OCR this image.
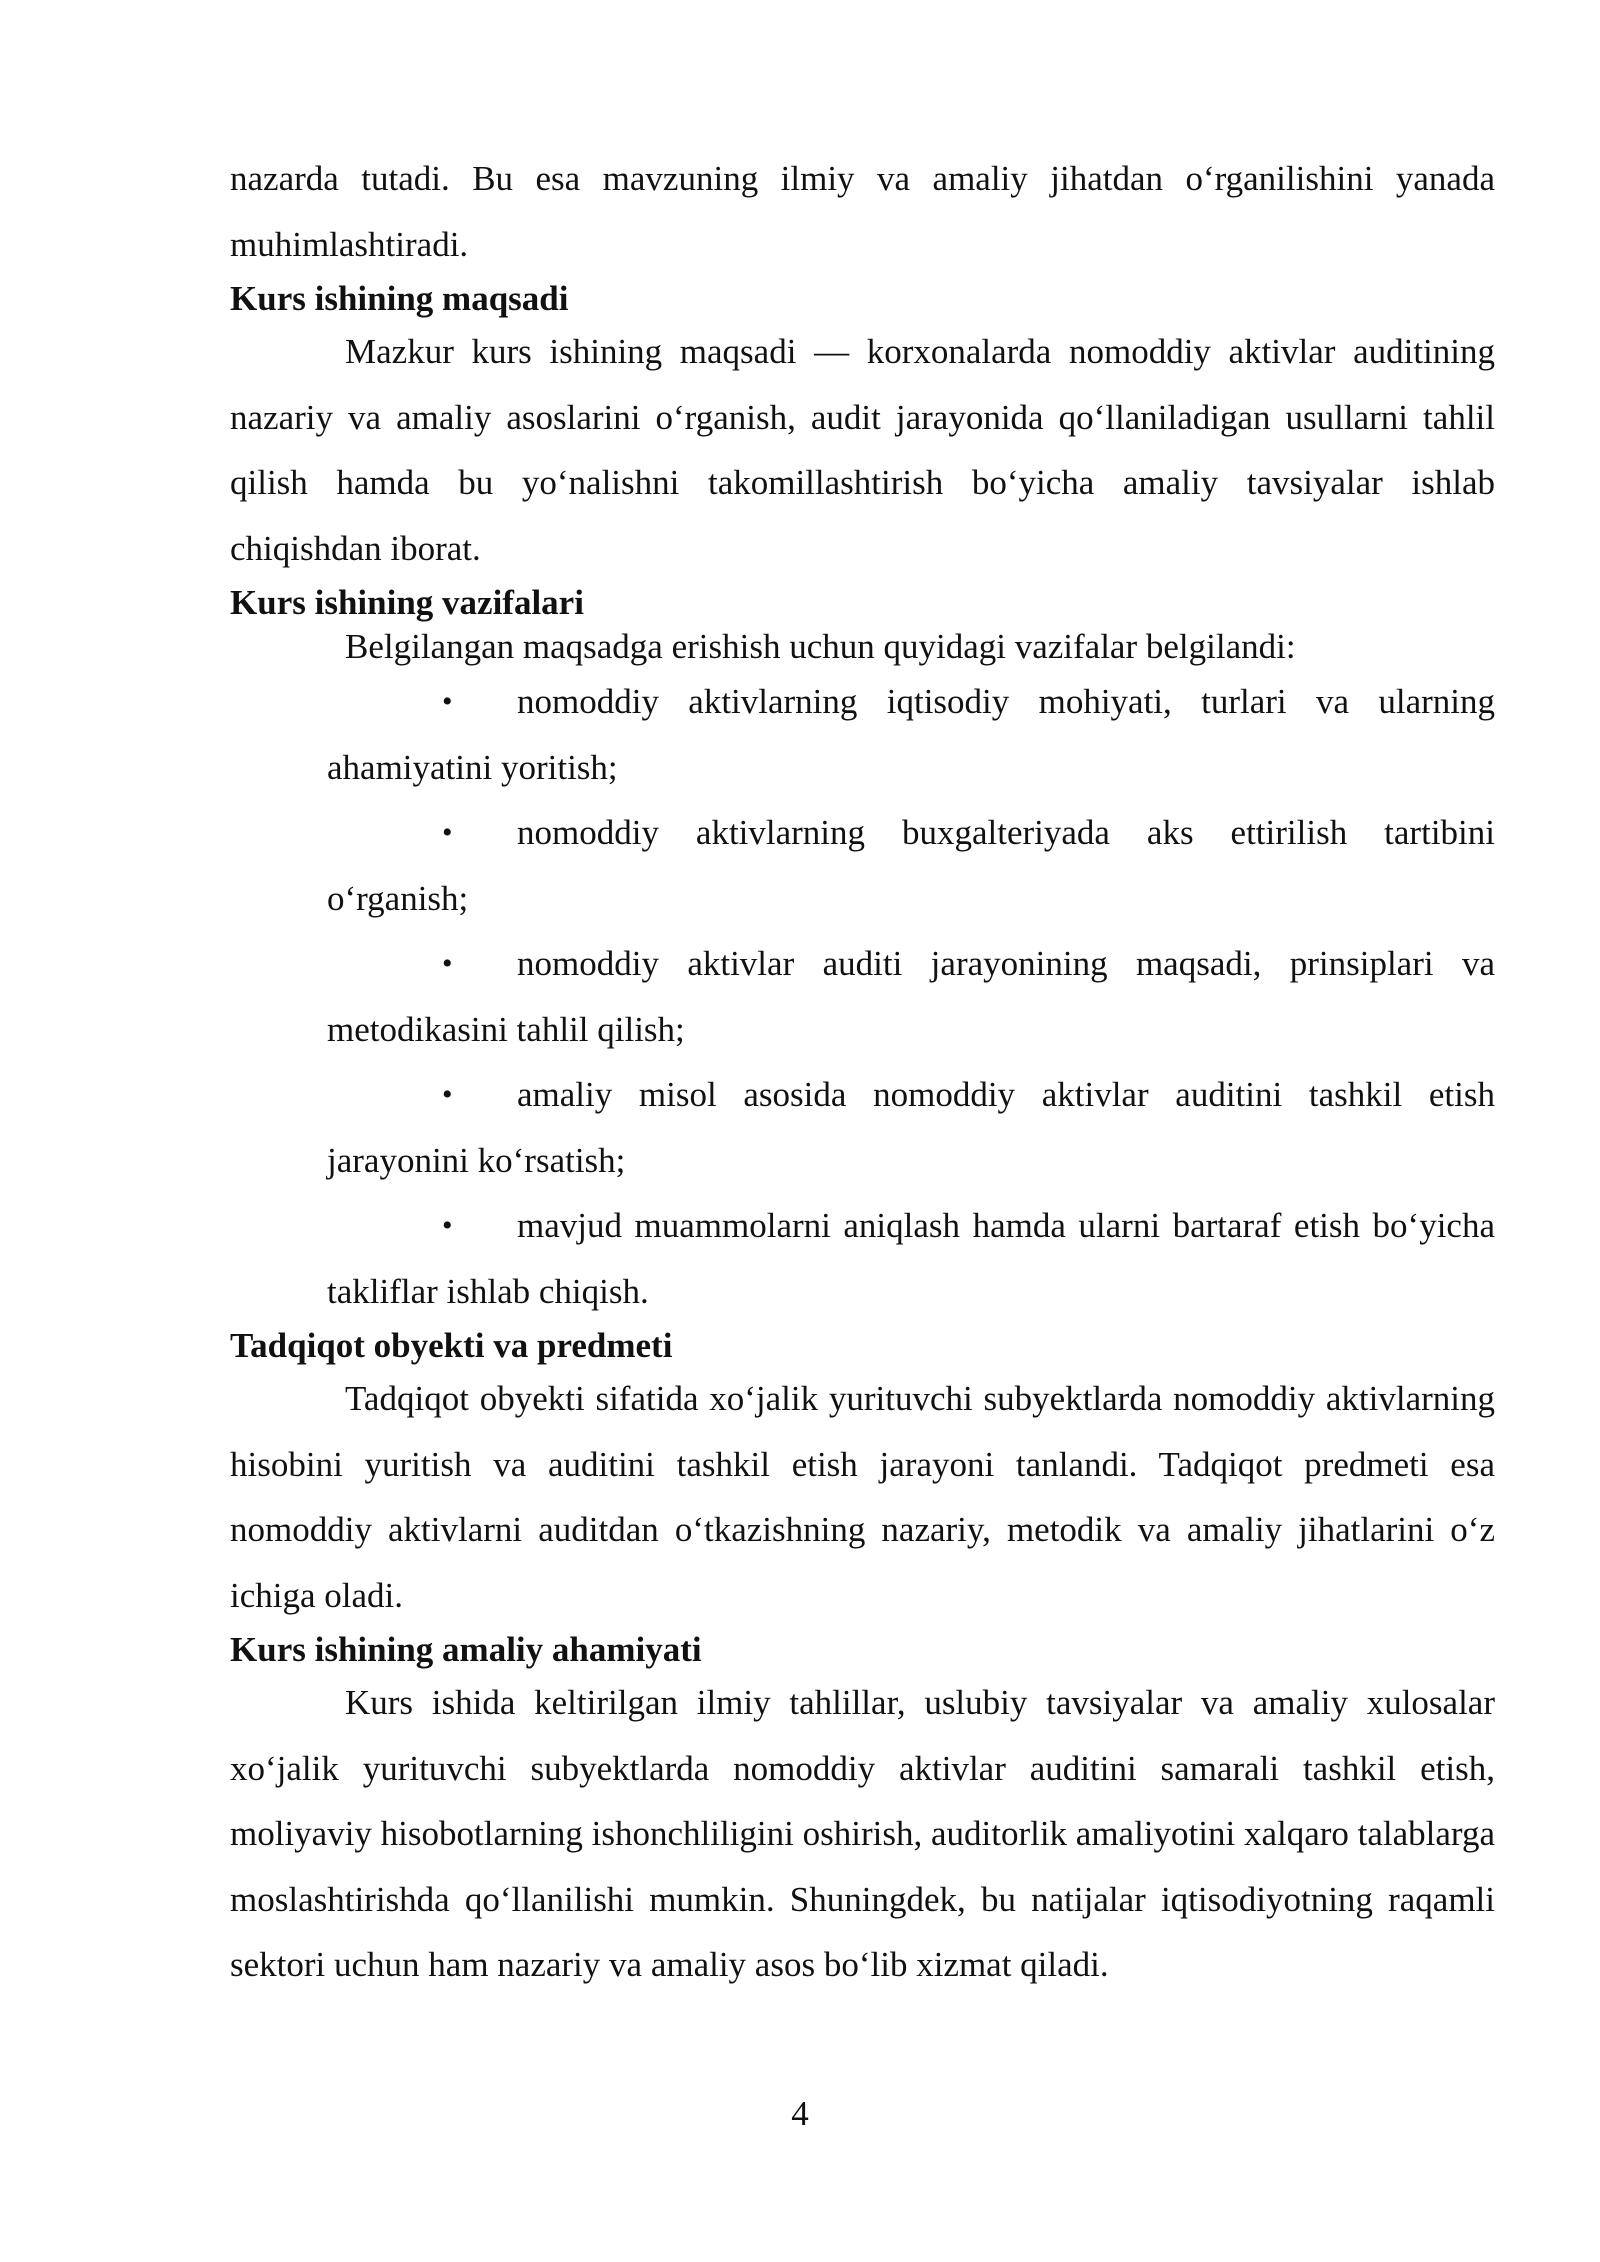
nazarda tutadi. Bu esa mavzuning ilmiy va amaliy jihatdan o‘rganilishini yanada muhimlashtiradi.

Kurs ishining maqsadi

Mazkur kurs ishining maqsadi — korxonalarda nomoddiy aktivlar auditining nazariy va amaliy asoslarini o‘rganish, audit jarayonida qo‘llaniladigan usullarni tahlil qilish hamda bu yo‘nalishni takomillashtirish bo‘yicha amaliy tavsiyalar ishlab chiqishdan iborat.

Kurs ishining vazifalari

Belgilangan maqsadga erishish uchun quyidagi vazifalar belgilandi:

• nomoddiy aktivlarning iqtisodiy mohiyati, turlari va ularning ahamiyatini yoritish;

• nomoddiy aktivlarning buxgalteriyada aks ettirilish tartibini o‘rganish;

• nomoddiy aktivlar auditi jarayonining maqsadi, prinsiplari va metodikasini tahlil qilish;

• amaliy misol asosida nomoddiy aktivlar auditini tashkil etish jarayonini ko‘rsatish;

• mavjud muammolarni aniqlash hamda ularni bartaraf etish bo‘yicha takliflar ishlab chiqish.

Tadqiqot obyekti va predmeti

Tadqiqot obyekti sifatida xo‘jalik yurituvchi subyektlarda nomoddiy aktivlarning hisobini yuritish va auditini tashkil etish jarayoni tanlandi. Tadqiqot predmeti esa nomoddiy aktivlarni auditdan o‘tkazishning nazariy, metodik va amaliy jihatlarini o‘z ichiga oladi.

Kurs ishining amaliy ahamiyati

Kurs ishida keltirilgan ilmiy tahlillar, uslubiy tavsiyalar va amaliy xulosalar xo‘jalik yurituvchi subyektlarda nomoddiy aktivlar auditini samarali tashkil etish, moliyaviy hisobotlarning ishonchliligini oshirish, auditorlik amaliyotini xalqaro talablarga moslashtirishda qo‘llanilishi mumkin. Shuningdek, bu natijalar iqtisodiyotning raqamli sektori uchun ham nazariy va amaliy asos bo‘lib xizmat qiladi.

4
